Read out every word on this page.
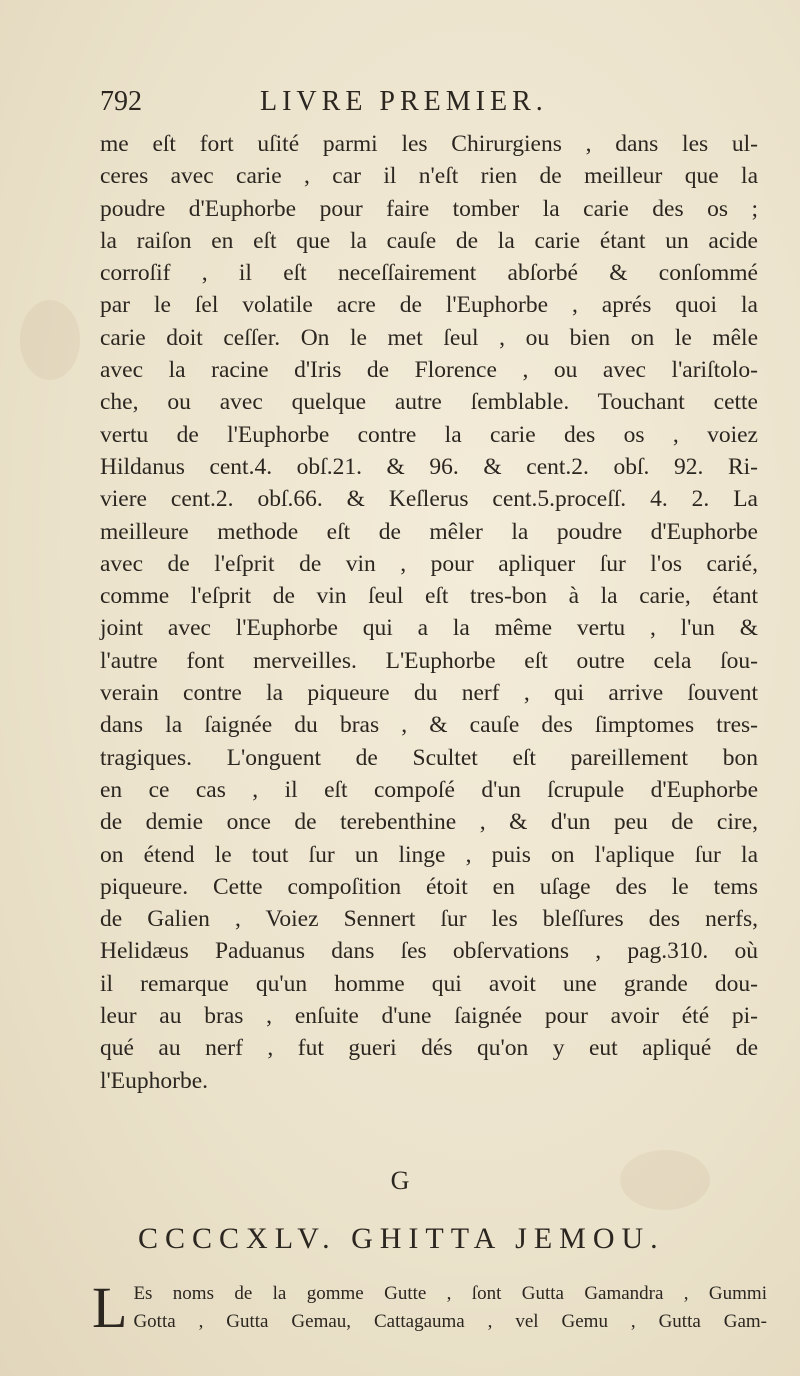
792	LIVRE PREMIER.
me eſt fort uſité parmi les Chirurgiens , dans les ul-
ceres avec carie , car il n'eſt rien de meilleur que la
poudre d'Euphorbe pour faire tomber la carie des os ;
la raiſon en eſt que la cauſe de la carie étant un acide
corroſif , il eſt neceſſairement abſorbé & conſommé
par le ſel volatile acre de l'Euphorbe , aprés quoi la
carie doit ceſſer. On le met ſeul , ou bien on le mêle
avec la racine d'Iris de Florence , ou avec l'ariſtolo-
che, ou avec quelque autre ſemblable. Touchant cette
vertu de l'Euphorbe contre la carie des os , voiez
Hildanus cent.4. obſ.21. & 96. & cent.2. obſ. 92. Ri-
viere cent.2. obſ.66. & Keſlerus cent.5.proceſſ. 4. 2. La
meilleure methode eſt de mêler la poudre d'Euphorbe
avec de l'eſprit de vin , pour apliquer ſur l'os carié,
comme l'eſprit de vin ſeul eſt tres-bon à la carie, étant
joint avec l'Euphorbe qui a la même vertu , l'un &
l'autre font merveilles. L'Euphorbe eſt outre cela ſou-
verain contre la piqueure du nerf , qui arrive ſouvent
dans la ſaignée du bras , & cauſe des ſimptomes tres-
tragiques. L'onguent de Scultet eſt pareillement bon
en ce cas , il eſt compoſé d'un ſcrupule d'Euphorbe
de demie once de terebenthine , & d'un peu de cire,
on étend le tout ſur un linge , puis on l'aplique ſur la
piqueure. Cette compoſition étoit en uſage des le tems
de Galien , Voiez Sennert ſur les bleſſures des nerfs,
Helidæus Paduanus dans ſes obſervations , pag.310. où
il remarque qu'un homme qui avoit une grande dou-
leur au bras , enſuite d'une ſaignée pour avoir été pi-
qué au nerf , fut gueri dés qu'on y eut apliqué de
l'Euphorbe.
G
CCCCXLV. GHITTA JEMOU.
L Es noms de la gomme Gutte , ſont Gutta Gamandra , Gummi
Gotta , Gutta Gemau, Cattagauma , vel Gemu , Gutta Gam-
